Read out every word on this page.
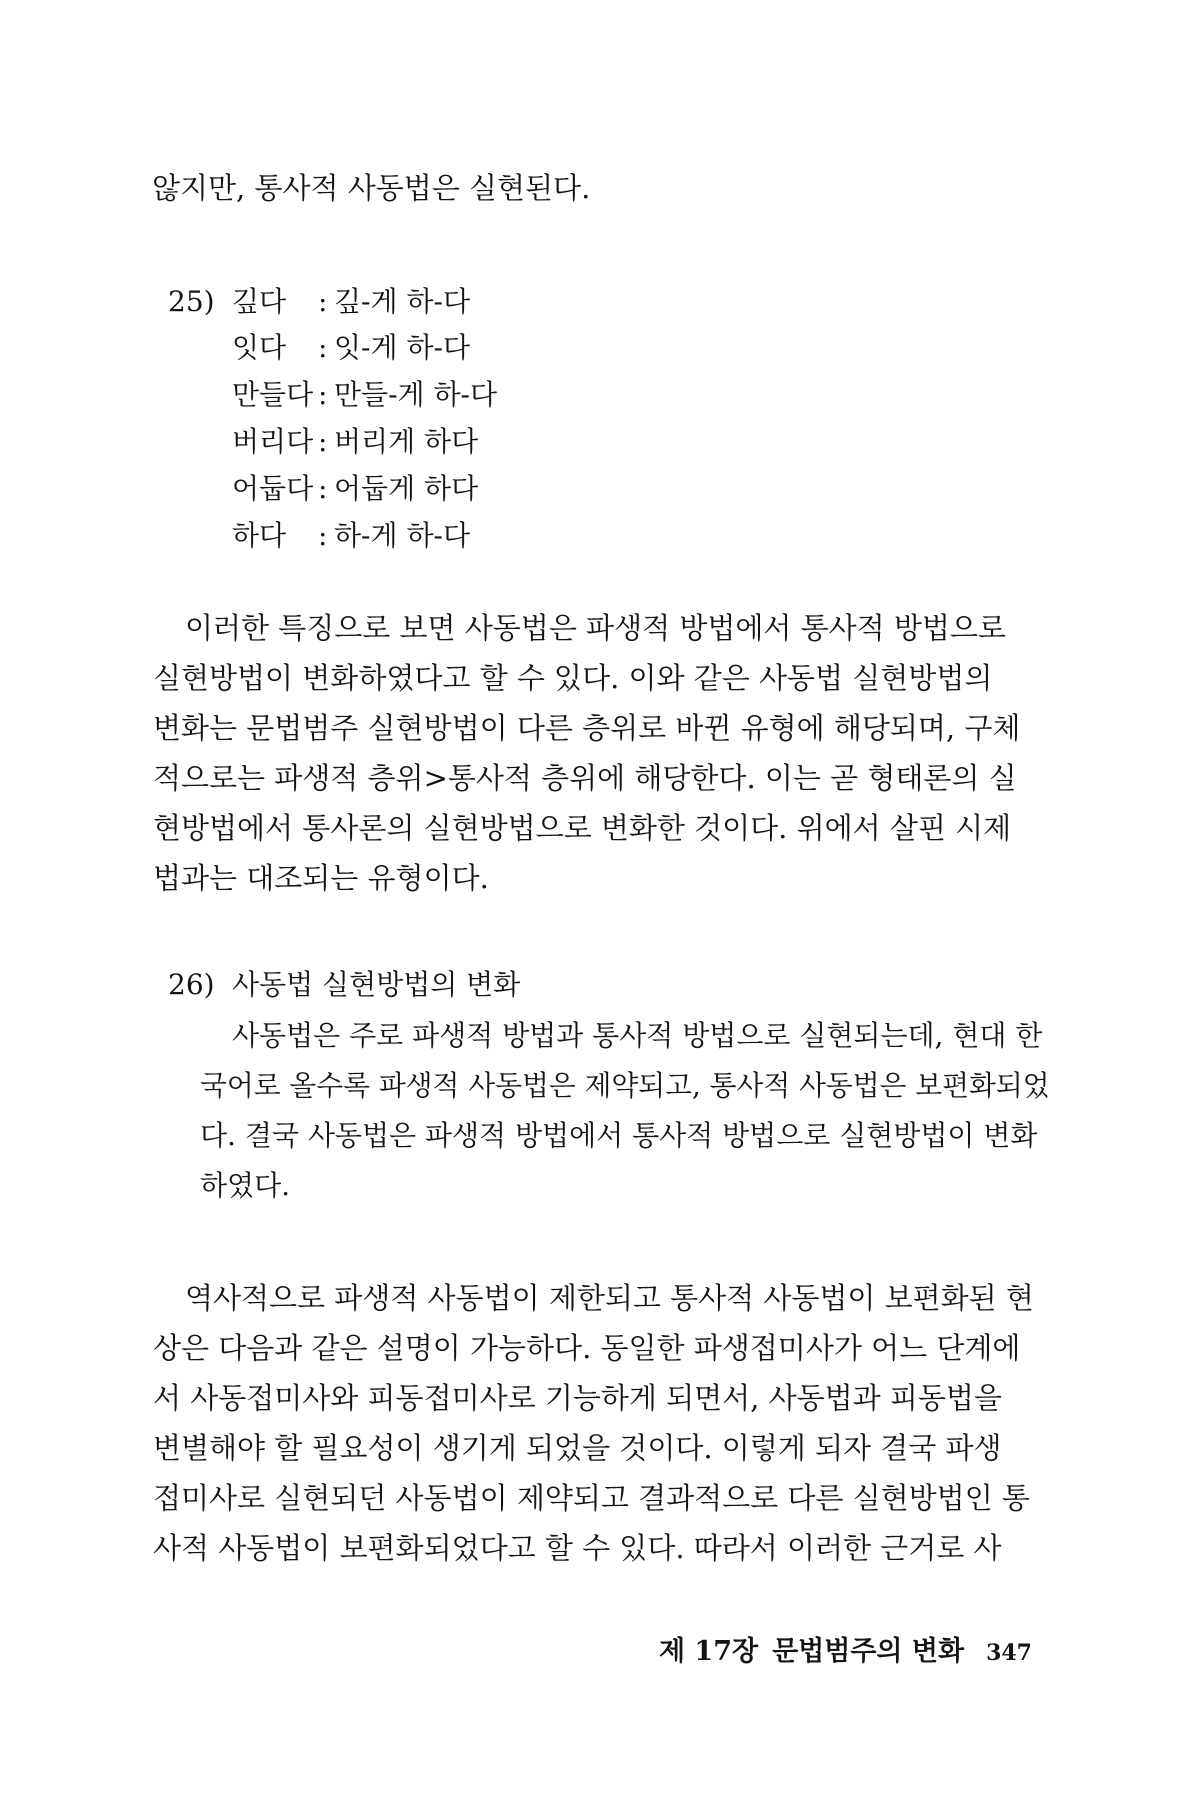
않지만, 통사적 사동법은 실현된다.
25) 깊다 : 깊-게 하-다
잇다 : 잇-게 하-다
만들다 : 만들-게 하-다
버리다 : 버리게 하다
어둡다 : 어둡게 하다
하다 : 하-게 하-다
이러한 특징으로 보면 사동법은 파생적 방법에서 통사적 방법으로
실현방법이 변화하였다고 할 수 있다. 이와 같은 사동법 실현방법의
변화는 문법범주 실현방법이 다른 층위로 바뀐 유형에 해당되며, 구체
적으로는 파생적 층위>통사적 층위에 해당한다. 이는 곧 형태론의 실
현방법에서 통사론의 실현방법으로 변화한 것이다. 위에서 살핀 시제
법과는 대조되는 유형이다.
26) 사동법 실현방법의 변화
사동법은 주로 파생적 방법과 통사적 방법으로 실현되는데, 현대 한
국어로 올수록 파생적 사동법은 제약되고, 통사적 사동법은 보편화되었
다. 결국 사동법은 파생적 방법에서 통사적 방법으로 실현방법이 변화
하였다.
역사적으로 파생적 사동법이 제한되고 통사적 사동법이 보편화된 현
상은 다음과 같은 설명이 가능하다. 동일한 파생접미사가 어느 단계에
서 사동접미사와 피동접미사로 기능하게 되면서, 사동법과 피동법을
변별해야 할 필요성이 생기게 되었을 것이다. 이렇게 되자 결국 파생
접미사로 실현되던 사동법이 제약되고 결과적으로 다른 실현방법인 통
사적 사동법이 보편화되었다고 할 수 있다. 따라서 이러한 근거로 사
제 17장 문법범주의 변화 347
